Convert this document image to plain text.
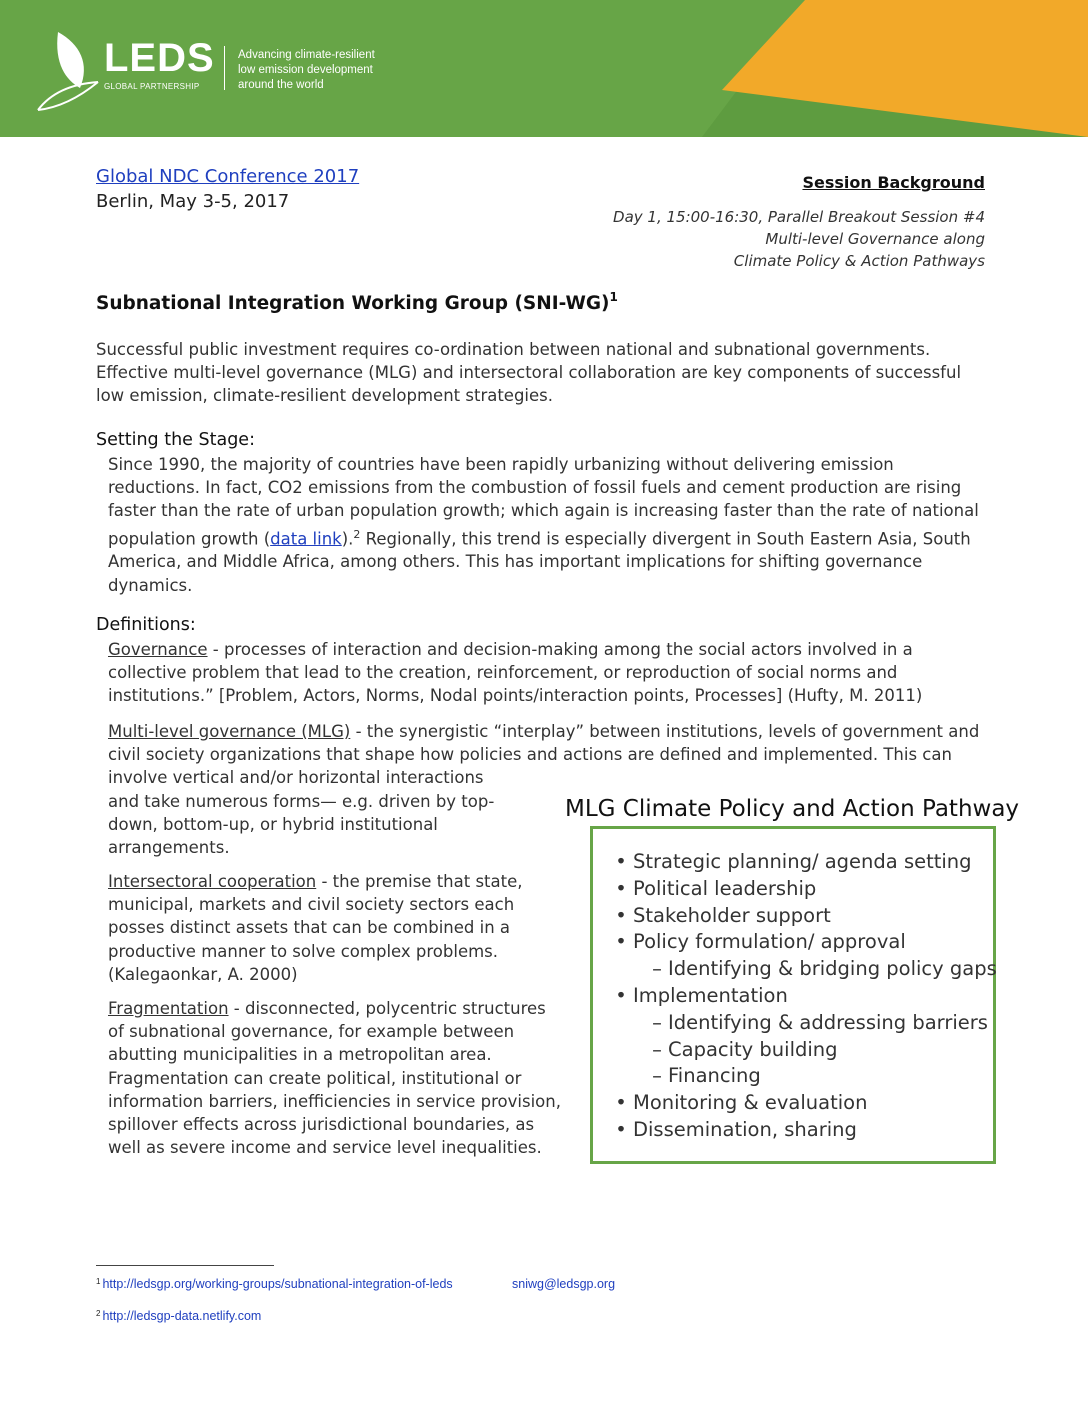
LEDS
GLOBAL PARTNERSHIP
Advancing climate-resilient
low emission development
around the world
Global NDC Conference 2017
Berlin, May 3-5, 2017
Session Background
Day 1, 15:00-16:30, Parallel Breakout Session #4
Multi-level Governance along
Climate Policy & Action Pathways
Subnational Integration Working Group $(SNI-WG)^1$
Successful public investment requires co-ordination between national and subnational governments.
Effective multi-level governance (MLG) and intersectoral collaboration are key components of successful
low emission, climate-resilient development strategies.
Setting the Stage:
Since 1990, the majority of countries have been rapidly urbanizing without delivering emission
reductions. In fact, CO2 emissions from the combustion of fossil fuels and cement production are rising
faster than the rate of urban population growth; which again is increasing faster than the rate of national
population growth (data link).$^2$ Regionally, this trend is especially divergent in South Eastern Asia, South
America, and Middle Africa, among others. This has important implications for shifting governance
dynamics.
Definitions:
Governance - processes of interaction and decision-making among the social actors involved in a
collective problem that lead to the creation, reinforcement, or reproduction of social norms and
institutions.” [Problem, Actors, Norms, Nodal points/interaction points, Processes] (Hufty, M. 2011)
Multi-level governance (MLG) - the synergistic “interplay” between institutions, levels of government and
civil society organizations that shape how policies and actions are defined and implemented. This can
involve vertical and/or horizontal interactions
and take numerous forms— e.g. driven by top-
down, bottom-up, or hybrid institutional
arrangements.
Intersectoral cooperation - the premise that state,
municipal, markets and civil society sectors each
posses distinct assets that can be combined in a
productive manner to solve complex problems.
(Kalegaonkar, A. 2000)
Fragmentation - disconnected, polycentric structures
of subnational governance, for example between
abutting municipalities in a metropolitan area.
Fragmentation can create political, institutional or
information barriers, inefficiencies in service provision,
spillover effects across jurisdictional boundaries, as
well as severe income and service level inequalities.
MLG Climate Policy and Action Pathway
• Strategic planning/ agenda setting
• Political leadership
• Stakeholder support
• Policy formulation/ approval
– Identifying & bridging policy gaps
• Implementation
– Identifying & addressing barriers
– Capacity building
– Financing
• Monitoring & evaluation
• Dissemination, sharing
$^1$ http://ledsgp.org/working-groups/subnational-integration-of-leds	sniwg@ledsgp.org
$^2$ http://ledsgp-data.netlify.com
